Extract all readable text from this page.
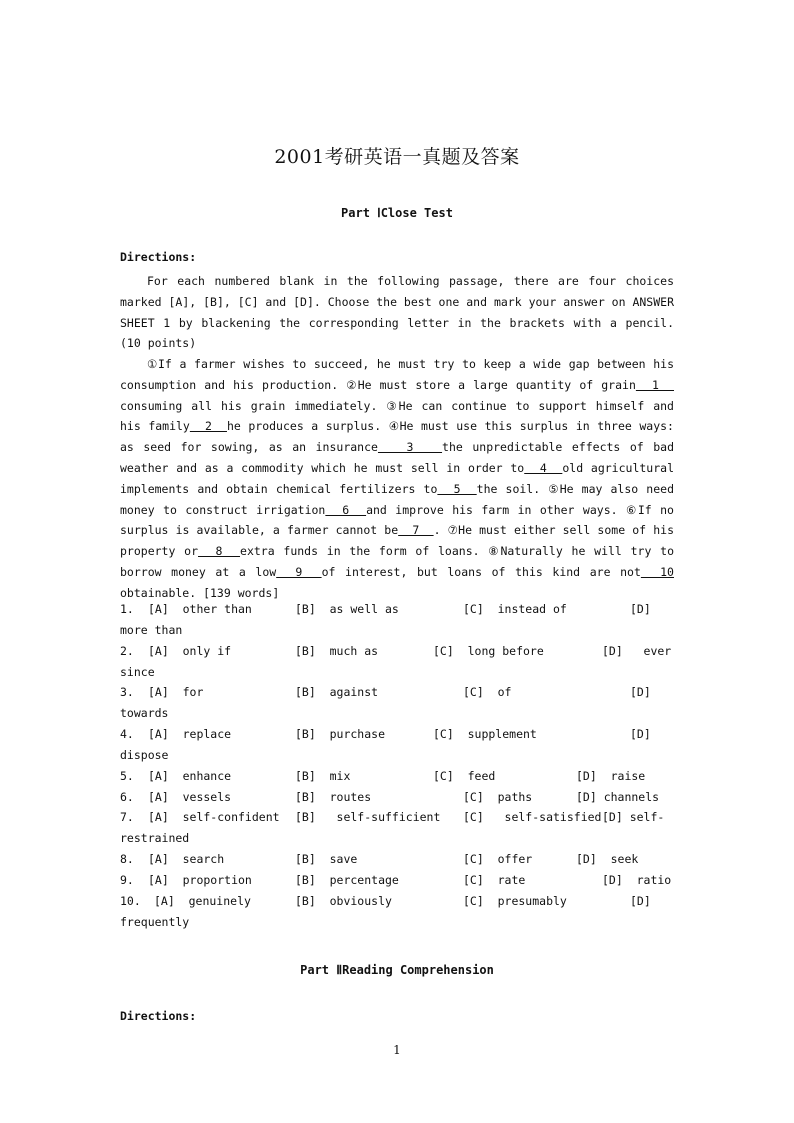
2001考研英语一真题及答案
Part ⅠClose Test
Directions:

For each numbered blank in the following passage, there are four choices marked [A], [B], [C] and [D]. Choose the best one and mark your answer on ANSWER SHEET 1 by blackening the corresponding letter in the brackets with a pencil. (10 points)

①If a farmer wishes to succeed, he must try to keep a wide gap between his consumption and his production. ②He must store a large quantity of grain  1   consuming all his grain immediately. ③He can continue to support himself and his family  2  he produces a surplus. ④He must use this surplus in three ways: as seed for sowing, as an insurance   3   the unpredictable effects of bad weather and as a commodity which he must sell in order to  4  old agricultural implements and obtain chemical fertilizers to  5  the soil. ⑤He may also need money to construct irrigation  6  and improve his farm in other ways. ⑥If no surplus is available, a farmer cannot be  7  . ⑦He must either sell some of his property or  8  extra funds in the form of loans. ⑧Naturally he will try to borrow money at a low  9  of interest, but loans of this kind are not  10 obtainable. [139 words]

1. [A]  other than	[B]  as well as	[C]  instead of	[D]
more than
2. [A]  only if	[B]  much as	[C]  long before	[D]   ever
since
3. [A]  for	[B]  against	[C]  of	[D]
towards
4. [A]  replace	[B]  purchase	[C]  supplement	[D]
dispose
5. [A]  enhance	[B]  mix	[C]  feed	[D]  raise
6. [A]  vessels	[B]  routes	[C]  paths	[D] channels
7. [A]  self-confident [B]   self-sufficient [C]   self-satisfied [D] self-
restrained
8. [A]  search	[B]  save	[C]  offer	[D]  seek
9. [A]  proportion	[B]  percentage	[C]  rate	[D]  ratio
10. [A]  genuinely	[B]  obviously	[C]  presumably	[D]
frequently
Part ⅡReading Comprehension
Directions:
1
